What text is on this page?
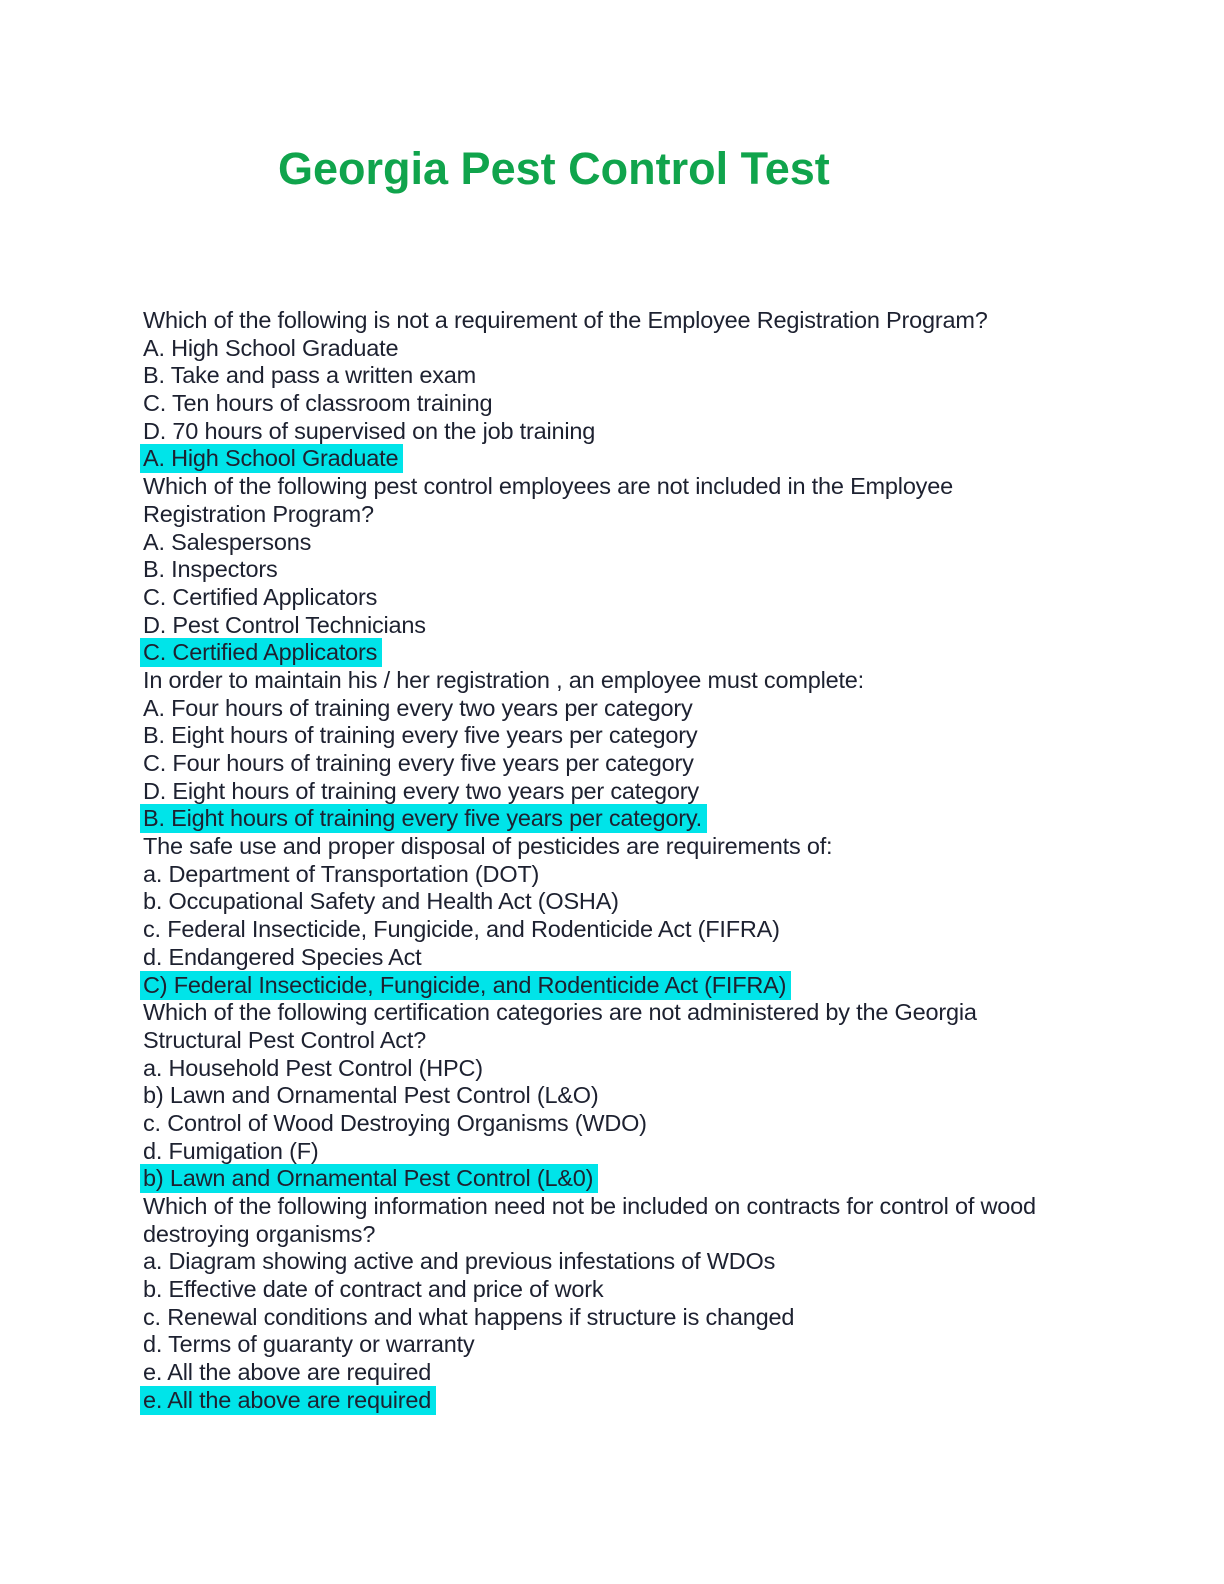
Georgia Pest Control Test
Which of the following is not a requirement of the Employee Registration Program?
A. High School Graduate
B. Take and pass a written exam
C. Ten hours of classroom training
D. 70 hours of supervised on the job training
A. High School Graduate
Which of the following pest control employees are not included in the Employee
Registration Program?
A. Salespersons
B. Inspectors
C. Certified Applicators
D. Pest Control Technicians
C. Certified Applicators
In order to maintain his / her registration , an employee must complete:
A. Four hours of training every two years per category
B. Eight hours of training every five years per category
C. Four hours of training every five years per category
D. Eight hours of training every two years per category
B. Eight hours of training every five years per category.
The safe use and proper disposal of pesticides are requirements of:
a. Department of Transportation (DOT)
b. Occupational Safety and Health Act (OSHA)
c. Federal Insecticide, Fungicide, and Rodenticide Act (FIFRA)
d. Endangered Species Act
C) Federal Insecticide, Fungicide, and Rodenticide Act (FIFRA)
Which of the following certification categories are not administered by the Georgia
Structural Pest Control Act?
a. Household Pest Control (HPC)
b) Lawn and Ornamental Pest Control (L&O)
c. Control of Wood Destroying Organisms (WDO)
d. Fumigation (F)
b) Lawn and Ornamental Pest Control (L&0)
Which of the following information need not be included on contracts for control of wood
destroying organisms?
a. Diagram showing active and previous infestations of WDOs
b. Effective date of contract and price of work
c. Renewal conditions and what happens if structure is changed
d. Terms of guaranty or warranty
e. All the above are required
e. All the above are required
